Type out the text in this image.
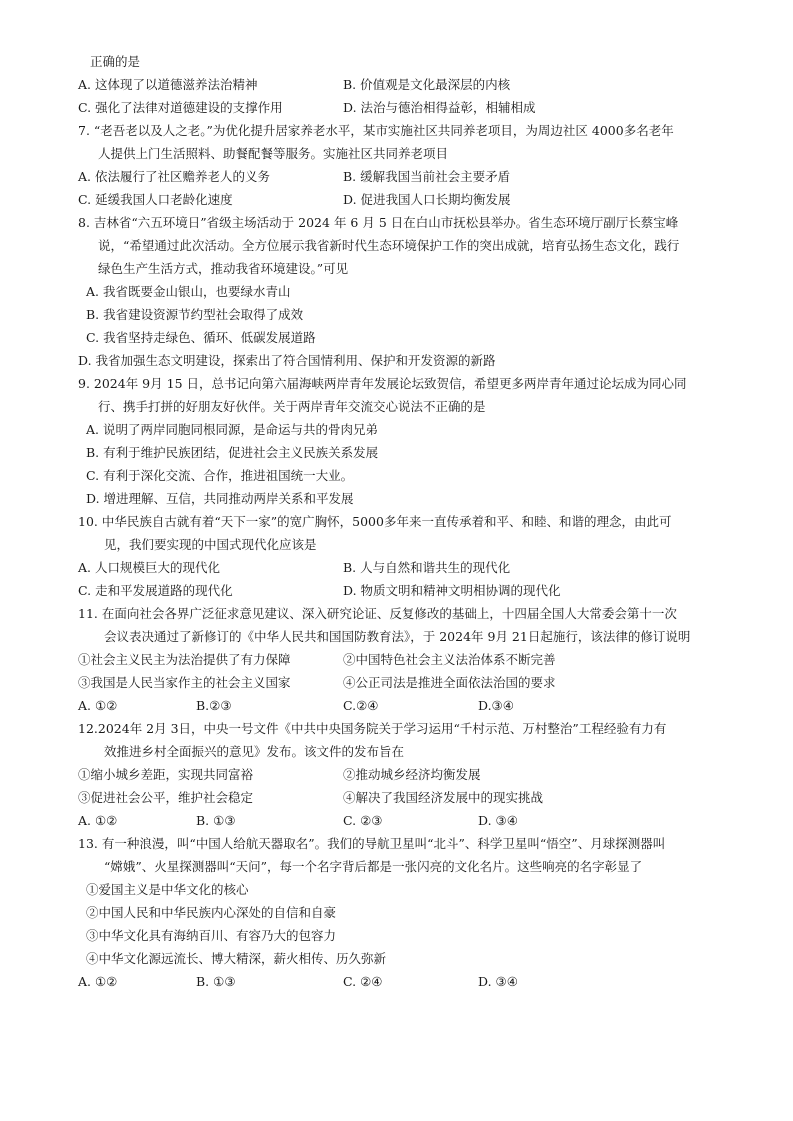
正确的是
A. 这体现了以道德滋养法治精神	B. 价值观是文化最深层的内核
C. 强化了法律对道德建设的支撑作用	D. 法治与德治相得益彰，相辅相成
7. “老吾老以及人之老。”为优化提升居家养老水平，某市实施社区共同养老项目，为周边社区 4000多名老年
人提供上门生活照料、助餐配餐等服务。实施社区共同养老项目
A. 依法履行了社区赡养老人的义务	B. 缓解我国当前社会主要矛盾
C. 延缓我国人口老龄化速度	D. 促进我国人口长期均衡发展
8. 吉林省“六五环境日”省级主场活动于 2024 年 6 月 5 日在白山市抚松县举办。省生态环境厅副厅长蔡宝峰
说，“希望通过此次活动。全方位展示我省新时代生态环境保护工作的突出成就，培育弘扬生态文化，践行
绿色生产生活方式，推动我省环境建设。”可见
A. 我省既要金山银山，也要绿水青山
B. 我省建设资源节约型社会取得了成效
C. 我省坚持走绿色、循环、低碳发展道路
D. 我省加强生态文明建设，探索出了符合国情利用、保护和开发资源的新路
9. 2024年 9月 15 日，总书记向第六届海峡两岸青年发展论坛致贺信，希望更多两岸青年通过论坛成为同心同
行、携手打拼的好朋友好伙伴。关于两岸青年交流交心说法不正确的是
A. 说明了两岸同胞同根同源，是命运与共的骨肉兄弟
B. 有利于维护民族团结，促进社会主义民族关系发展
C. 有利于深化交流、合作，推进祖国统一大业。
D. 增进理解、互信，共同推动两岸关系和平发展
10. 中华民族自古就有着“天下一家”的宽广胸怀，5000多年来一直传承着和平、和睦、和谐的理念，由此可
见，我们要实现的中国式现代化应该是
A. 人口规模巨大的现代化	B. 人与自然和谐共生的现代化
C. 走和平发展道路的现代化	D. 物质文明和精神文明相协调的现代化
11. 在面向社会各界广泛征求意见建议、深入研究论证、反复修改的基础上，十四届全国人大常委会第十一次
会议表决通过了新修订的《中华人民共和国国防教育法》，于 2024年 9月 21日起施行，该法律的修订说明
①社会主义民主为法治提供了有力保障	②中国特色社会主义法治体系不断完善
③我国是人民当家作主的社会主义国家	④公正司法是推进全面依法治国的要求
A. ①②	B.②③	C.②④	D.③④
12.2024年 2月 3日，中央一号文件《中共中央国务院关于学习运用“千村示范、万村整治”工程经验有力有
效推进乡村全面振兴的意见》发布。该文件的发布旨在
①缩小城乡差距，实现共同富裕	②推动城乡经济均衡发展
③促进社会公平，维护社会稳定	④解决了我国经济发展中的现实挑战
A. ①②	B. ①③	C. ②③	D. ③④
13. 有一种浪漫，叫“中国人给航天器取名”。我们的导航卫星叫“北斗”、科学卫星叫“悟空”、月球探测器叫
“嫦娥”、火星探测器叫“天问”，每一个名字背后都是一张闪亮的文化名片。这些响亮的名字彰显了
①爱国主义是中华文化的核心
②中国人民和中华民族内心深处的自信和自豪
③中华文化具有海纳百川、有容乃大的包容力
④中华文化源远流长、博大精深，薪火相传、历久弥新
A. ①②	B. ①③	C. ②④	D. ③④
